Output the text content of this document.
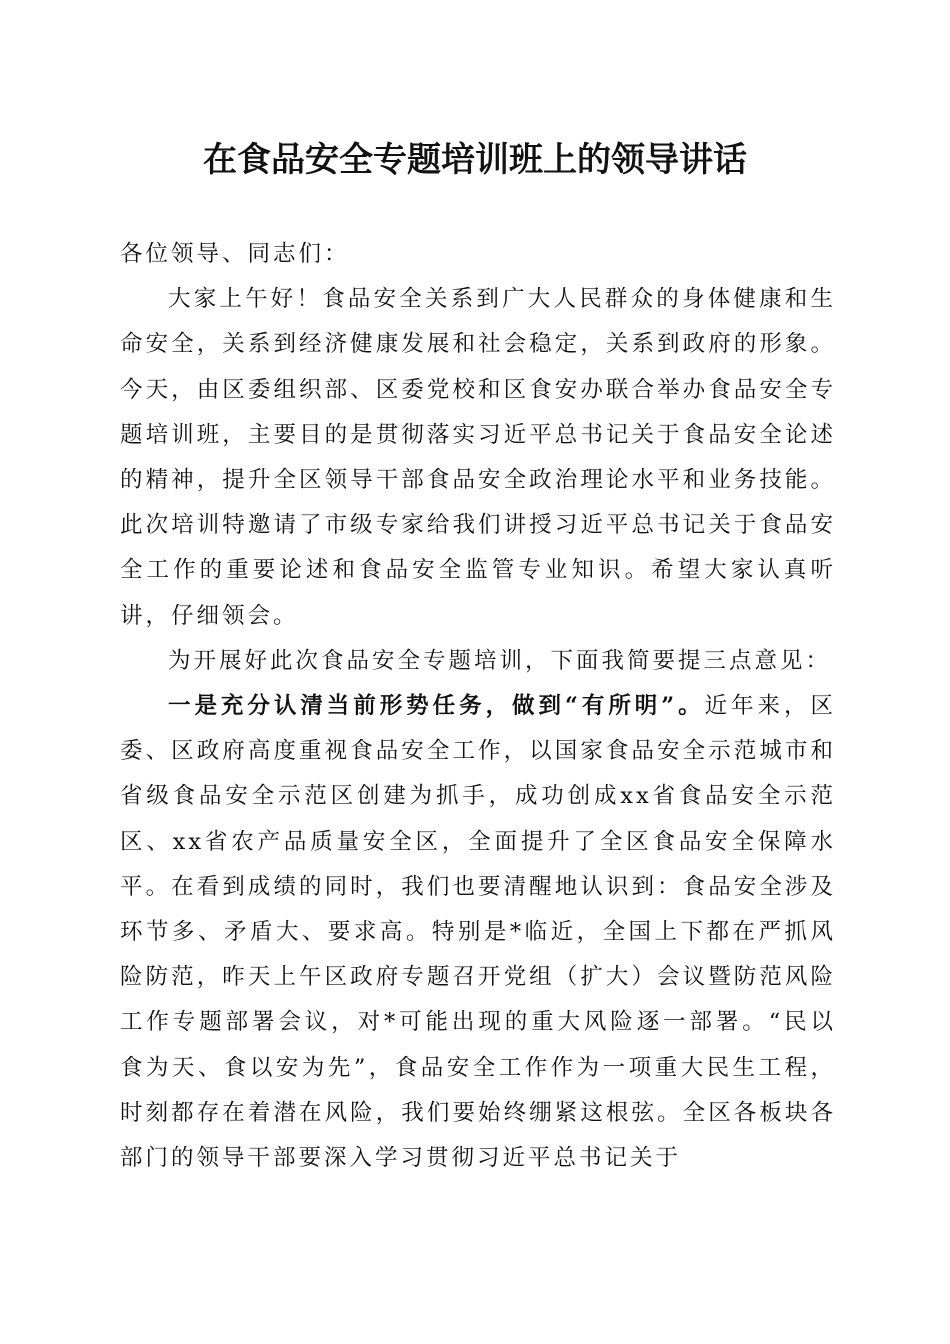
在食品安全专题培训班上的领导讲话

各位领导、同志们：

大家上午好！食品安全关系到广大人民群众的身体健康和生命安全，关系到经济健康发展和社会稳定，关系到政府的形象。今天，由区委组织部、区委党校和区食安办联合举办食品安全专题培训班，主要目的是贯彻落实习近平总书记关于食品安全论述的精神，提升全区领导干部食品安全政治理论水平和业务技能。此次培训特邀请了市级专家给我们讲授习近平总书记关于食品安全工作的重要论述和食品安全监管专业知识。希望大家认真听讲，仔细领会。

为开展好此次食品安全专题培训，下面我简要提三点意见：

一是充分认清当前形势任务，做到“有所明”。近年来，区委、区政府高度重视食品安全工作，以国家食品安全示范城市和省级食品安全示范区创建为抓手，成功创成xx省食品安全示范区、xx省农产品质量安全区，全面提升了全区食品安全保障水平。在看到成绩的同时，我们也要清醒地认识到：食品安全涉及环节多、矛盾大、要求高。特别是*临近，全国上下都在严抓风险防范，昨天上午区政府专题召开党组（扩大）会议暨防范风险工作专题部署会议，对*可能出现的重大风险逐一部署。“民以食为天、食以安为先”，食品安全工作作为一项重大民生工程，时刻都存在着潜在风险，我们要始终绷紧这根弦。全区各板块各部门的领导干部要深入学习贯彻习近平总书记关于
